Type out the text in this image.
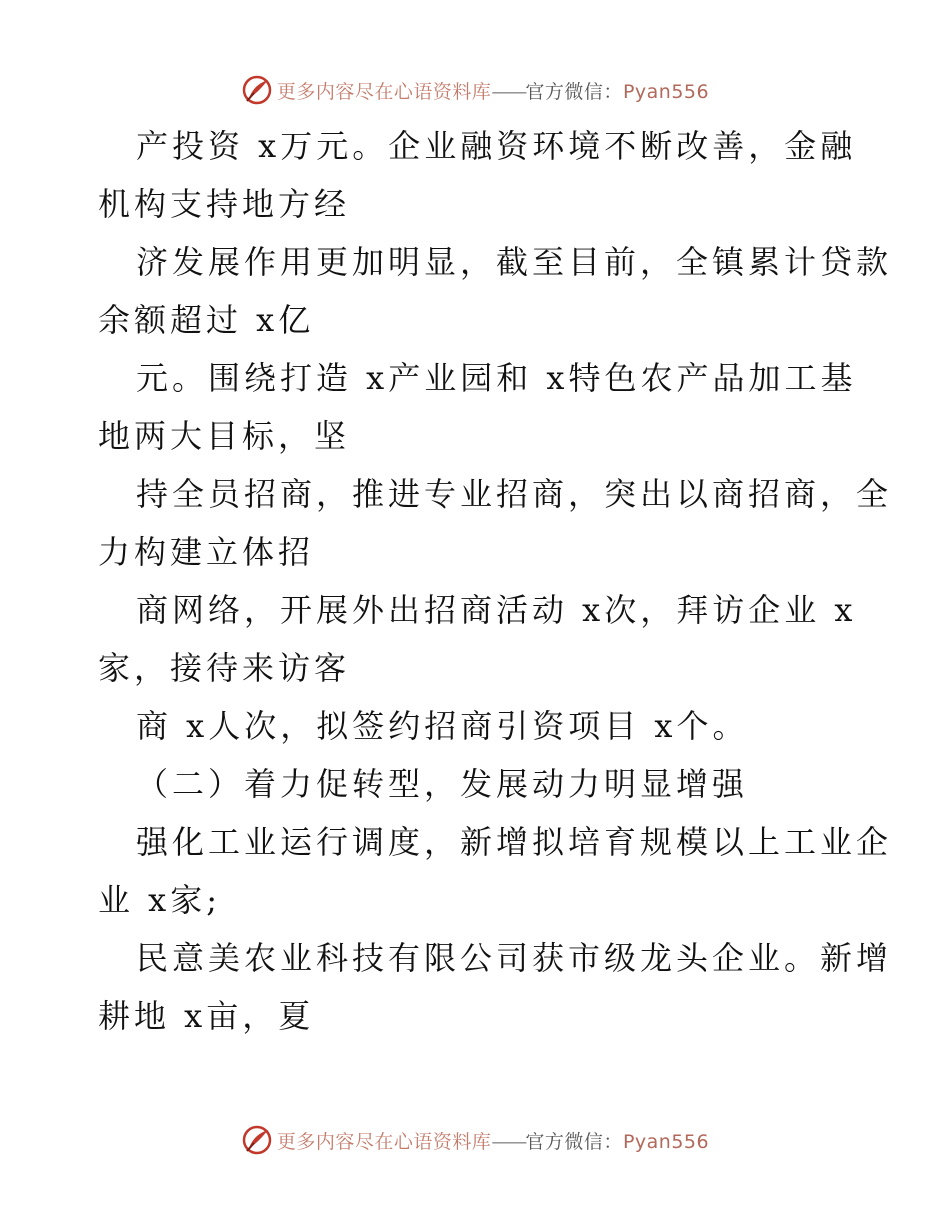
更多内容尽在心语资料库——官方微信：Pyan556
产投资 x万元。企业融资环境不断改善，金融
机构支持地方经
济发展作用更加明显，截至目前，全镇累计贷款
余额超过 x亿
元。围绕打造 x产业园和 x特色农产品加工基
地两大目标，坚
持全员招商，推进专业招商，突出以商招商，全
力构建立体招
商网络，开展外出招商活动 x次，拜访企业 x
家，接待来访客
商 x人次，拟签约招商引资项目 x个。
（二）着力促转型，发展动力明显增强
强化工业运行调度，新增拟培育规模以上工业企
业 x家;
民意美农业科技有限公司获市级龙头企业。新增
耕地 x亩，夏
更多内容尽在心语资料库——官方微信：Pyan556
